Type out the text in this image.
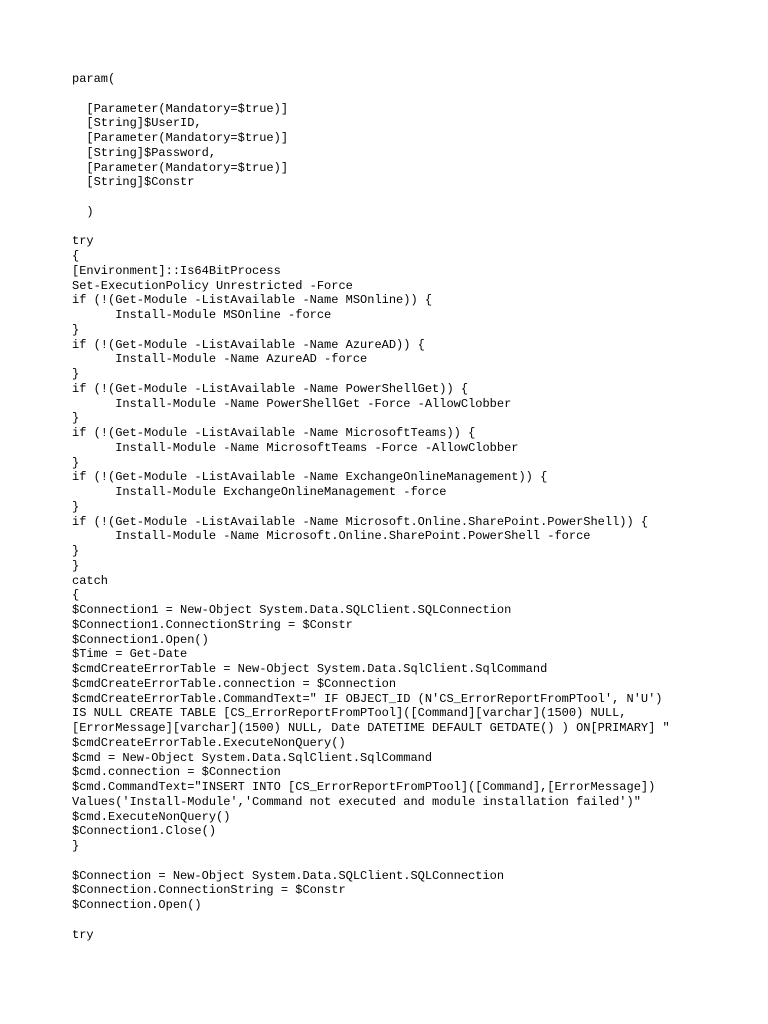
param(
[Parameter(Mandatory=$true)]
[String]$UserID,
[Parameter(Mandatory=$true)]
[String]$Password,
[Parameter(Mandatory=$true)]
[String]$Constr
)
try
{
[Environment]::Is64BitProcess
Set-ExecutionPolicy Unrestricted -Force
if (!(Get-Module -ListAvailable -Name MSOnline)) {
Install-Module MSOnline -force
}
if (!(Get-Module -ListAvailable -Name AzureAD)) {
Install-Module -Name AzureAD -force
}
if (!(Get-Module -ListAvailable -Name PowerShellGet)) {
Install-Module -Name PowerShellGet -Force -AllowClobber
}
if (!(Get-Module -ListAvailable -Name MicrosoftTeams)) {
Install-Module -Name MicrosoftTeams -Force -AllowClobber
}
if (!(Get-Module -ListAvailable -Name ExchangeOnlineManagement)) {
Install-Module ExchangeOnlineManagement -force
}
if (!(Get-Module -ListAvailable -Name Microsoft.Online.SharePoint.PowerShell)) {
Install-Module -Name Microsoft.Online.SharePoint.PowerShell -force
}
}
catch
{
$Connection1 = New-Object System.Data.SQLClient.SQLConnection
$Connection1.ConnectionString = $Constr
$Connection1.Open()
$Time = Get-Date
$cmdCreateErrorTable = New-Object System.Data.SqlClient.SqlCommand
$cmdCreateErrorTable.connection = $Connection
$cmdCreateErrorTable.CommandText=" IF OBJECT_ID (N'CS_ErrorReportFromPTool', N'U')
IS NULL CREATE TABLE [CS_ErrorReportFromPTool]([Command][varchar](1500) NULL,
[ErrorMessage][varchar](1500) NULL, Date DATETIME DEFAULT GETDATE() ) ON[PRIMARY] "
$cmdCreateErrorTable.ExecuteNonQuery()
$cmd = New-Object System.Data.SqlClient.SqlCommand
$cmd.connection = $Connection
$cmd.CommandText="INSERT INTO [CS_ErrorReportFromPTool]([Command],[ErrorMessage])
Values('Install-Module','Command not executed and module installation failed')"
$cmd.ExecuteNonQuery()
$Connection1.Close()
}
$Connection = New-Object System.Data.SQLClient.SQLConnection
$Connection.ConnectionString = $Constr
$Connection.Open()
try
